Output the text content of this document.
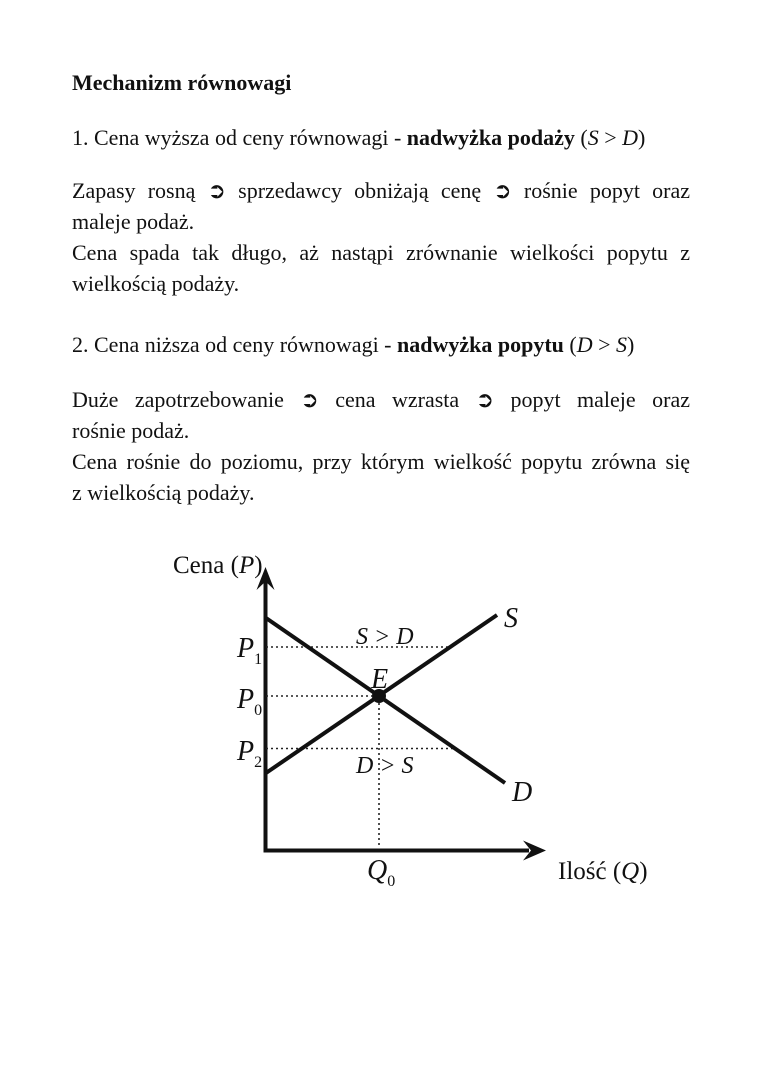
Mechanizm równowagi

1. Cena wyższa od ceny równowagi - nadwyżka podaży (S > D)

Zapasy rosną ➲ sprzedawcy obniżają cenę ➲ rośnie popyt oraz
maleje podaż.
Cena spada tak długo, aż nastąpi zrównanie wielkości popytu z
wielkością podaży.

2. Cena niższa od ceny równowagi - nadwyżka popytu (D > S)

Duże zapotrzebowanie ➲ cena wzrasta ➲ popyt maleje oraz
rośnie podaż.
Cena rośnie do poziomu, przy którym wielkość popytu zrówna się
z wielkością podaży.
Cena (P)
Ilość (Q)
$P_1$
$P_0$
$P_2$
$Q_0$
E
S
D
S > D
D > S
